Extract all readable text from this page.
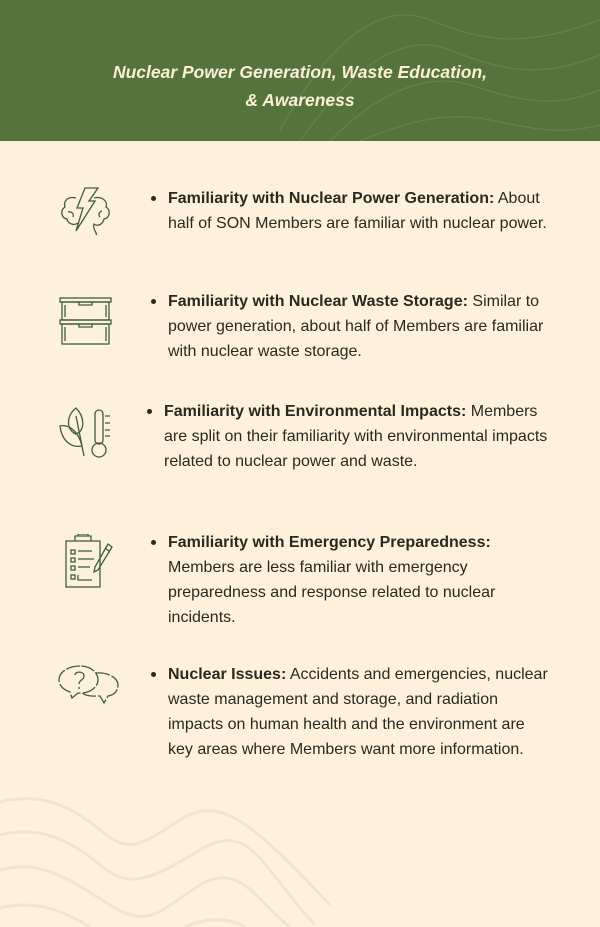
Nuclear Power Generation, Waste Education,
& Awareness
Familiarity with Nuclear Power Generation: About half of SON Members are familiar with nuclear power.
Familiarity with Nuclear Waste Storage: Similar to power generation, about half of Members are familiar with nuclear waste storage.
Familiarity with Environmental Impacts: Members are split on their familiarity with environmental impacts related to nuclear power and waste.
Familiarity with Emergency Preparedness: Members are less familiar with emergency preparedness and response related to nuclear incidents.
Nuclear Issues: Accidents and emergencies, nuclear waste management and storage, and radiation impacts on human health and the environment are key areas where Members want more information.
